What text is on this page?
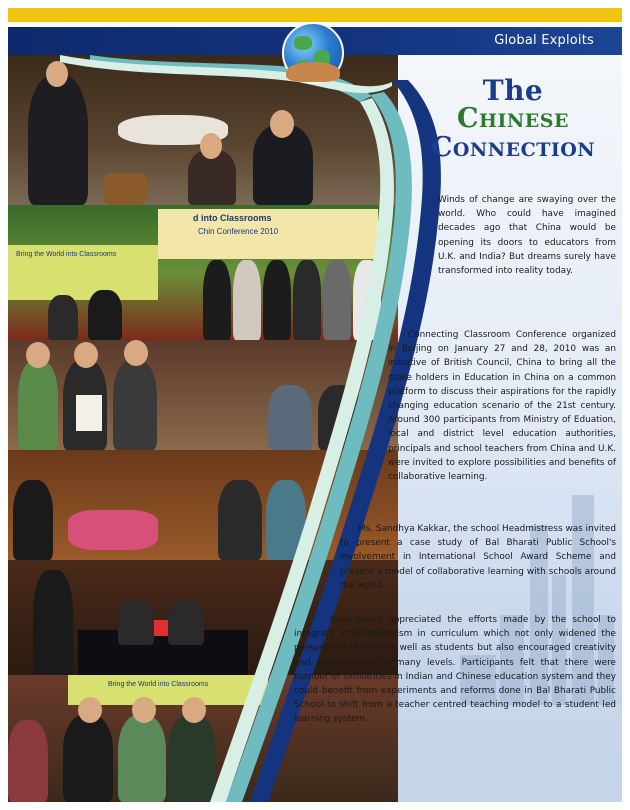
Global Exploits
d into Classrooms
Chin Conference 2010
Bring the World into Classrooms
Bring the World into Classrooms
The
Chinese
Connection
Winds of change are swaying over the world. Who could have imagined decades ago that China would be opening its doors to educators from U.K. and India? But dreams surely have transformed into reality today.
Connecting Classroom Conference organized in Beijing on January 27 and 28, 2010 was an initiative of British Council, China to bring all the stake holders in Education in China on a common platform to discuss their aspirations for the rapidly changing education scenario of the 21st century. Around 300 participants from Ministry of Eduation, local and district level education authorities, principals and school teachers from China and U.K. were invited to explore possibilities and benefits of collaborative learning.
Ms. Sandhya Kakkar, the school Headmistress was invited to present a case study of Bal Bharati Public School's involvement in International School Award Scheme and present a model of collaborative learning with schools around the world.
Participants appreciated the efforts made by the school to integrate internationalism in curriculum which not only widened the perspective of staff as well as students but also encouraged creativity and collaboration at many levels. Participants felt that there were number of similarities in Indian and Chinese education system and they could benefit from experiments and reforms done in Bal Bharati Public School to shift from a teacher centred teaching model to a student led learning system.
